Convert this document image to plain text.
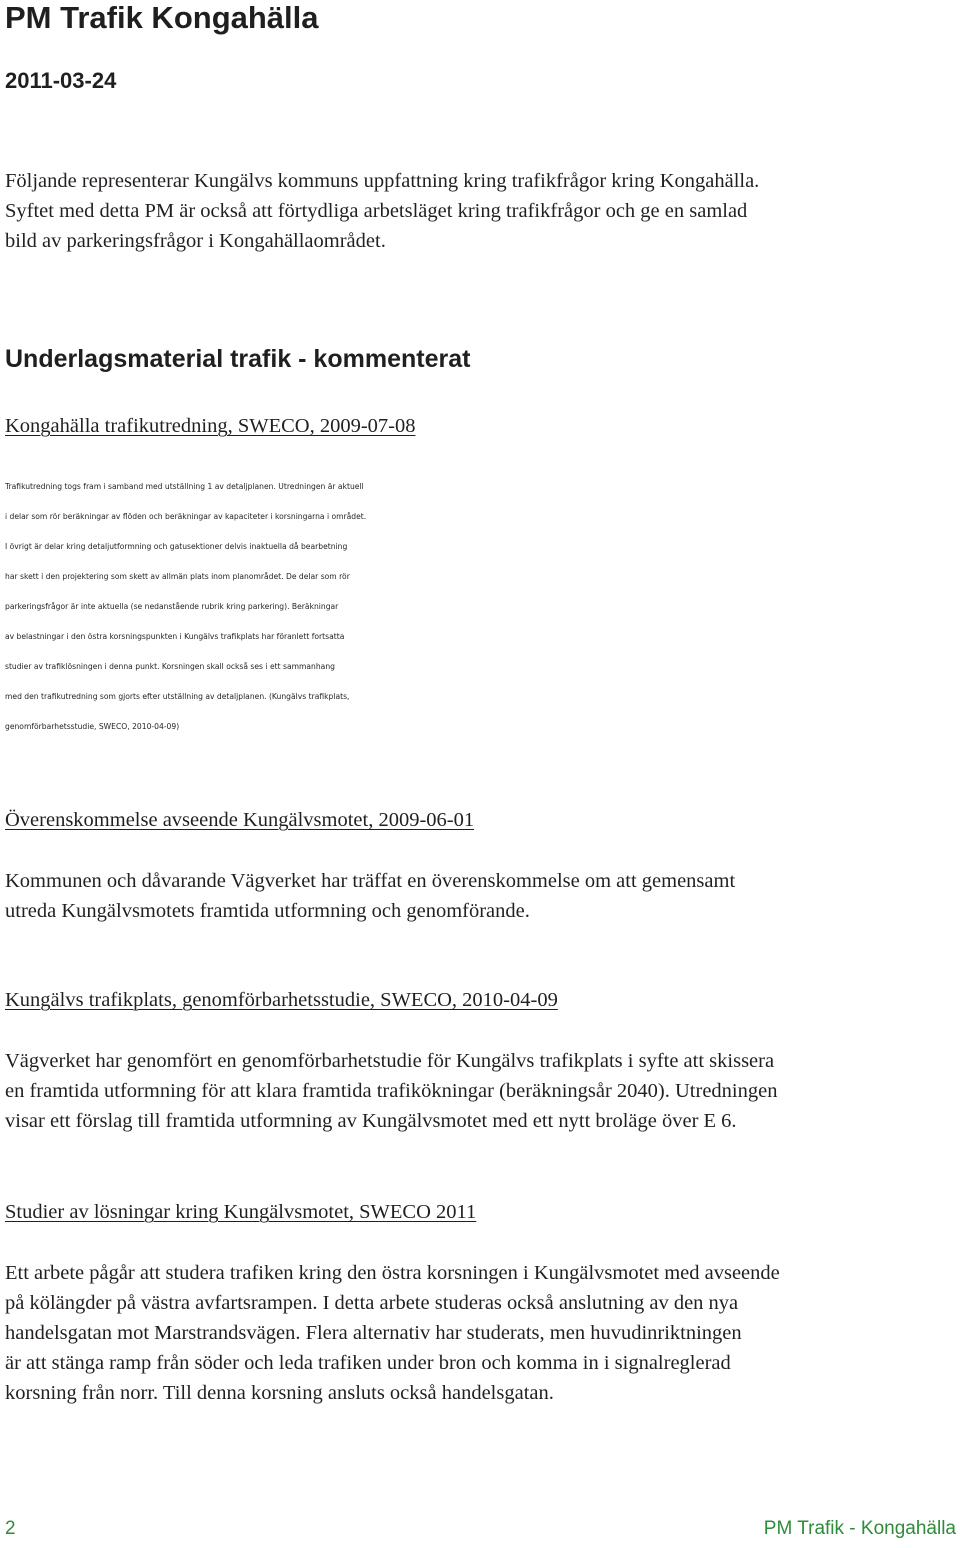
PM Trafik Kongahälla
2011-03-24
Följande representerar Kungälvs kommuns uppfattning kring trafikfrågor kring Kongahälla.
Syftet med detta PM är också att förtydliga arbetsläget kring trafikfrågor och ge en samlad
bild av parkeringsfrågor i Kongahällaområdet.
Underlagsmaterial trafik - kommenterat
Kongahälla trafikutredning, SWECO, 2009-07-08
Trafikutredning togs fram i samband med utställning 1 av detaljplanen. Utredningen är aktuell
i delar som rör beräkningar av flöden och beräkningar av kapaciteter i korsningarna i området.
I övrigt är delar kring detaljutformning och gatusektioner delvis inaktuella då bearbetning
har skett i den projektering som skett av allmän plats inom planområdet. De delar som rör
parkeringsfrågor är inte aktuella (se nedanstående rubrik kring parkering). Beräkningar
av belastningar i den östra korsningspunkten i Kungälvs trafikplats har föranlett fortsatta
studier av trafiklösningen i denna punkt. Korsningen skall också ses i ett sammanhang
med den trafikutredning som gjorts efter utställning av detaljplanen. (Kungälvs trafikplats,
genomförbarhetsstudie, SWECO, 2010-04-09)
Överenskommelse avseende Kungälvsmotet, 2009-06-01
Kommunen och dåvarande Vägverket har träffat en överenskommelse om att gemensamt
utreda Kungälvsmotets framtida utformning och genomförande.
Kungälvs trafikplats, genomförbarhetsstudie, SWECO, 2010-04-09
Vägverket har genomfört en genomförbarhetstudie för Kungälvs trafikplats i syfte att skissera
en framtida utformning för att klara framtida trafikökningar (beräkningsår 2040). Utredningen
visar ett förslag till framtida utformning av Kungälvsmotet med ett nytt broläge över E 6.
Studier av lösningar kring Kungälvsmotet, SWECO 2011
Ett arbete pågår att studera trafiken kring den östra korsningen i Kungälvsmotet med avseende
på kölängder på västra avfartsrampen. I detta arbete studeras också anslutning av den nya
handelsgatan mot Marstrandsvägen. Flera alternativ har studerats, men huvudinriktningen
är att stänga ramp från söder och leda trafiken under bron och komma in i signalreglerad
korsning från norr. Till denna korsning ansluts också handelsgatan.
2	PM Trafik - Kongahälla
